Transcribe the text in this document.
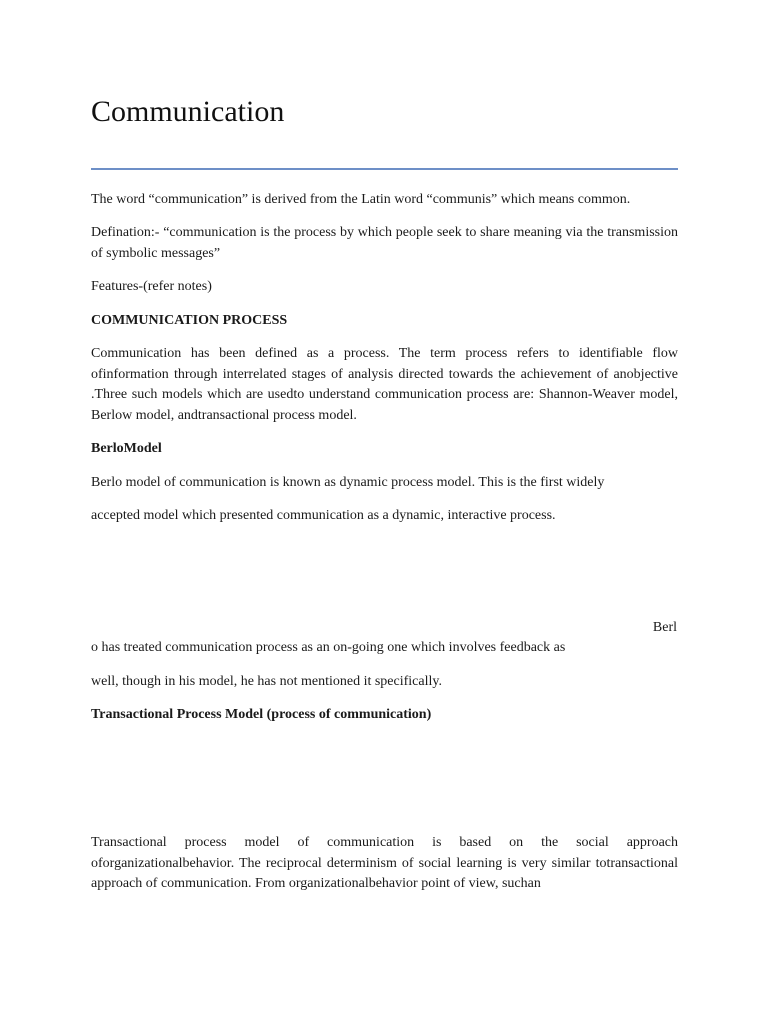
Communication

The word “communication” is derived from the Latin word “communis” which means common.

Defination:- “communication is the process by which people seek to share meaning via the transmission of symbolic messages”

Features-(refer notes)

COMMUNICATION PROCESS

Communication has been defined as a process. The term process refers to identifiable flow ofinformation through interrelated stages of analysis directed towards the achievement of anobjective .Three such models which are usedto understand communication process are: Shannon-Weaver model, Berlow model, andtransactional process model.

BerloModel

Berlo model of communication is known as dynamic process model. This is the first widely

accepted model which presented communication as a dynamic, interactive process.

Berl

o has treated communication process as an on-going one which involves feedback as

well, though in his model, he has not mentioned it specifically.

Transactional Process Model (process of communication)

Transactional process model of communication is based on the social approach oforganizationalbehavior. The reciprocal determinism of social learning is very similar totransactional approach of communication. From organizationalbehavior point of view, suchan
